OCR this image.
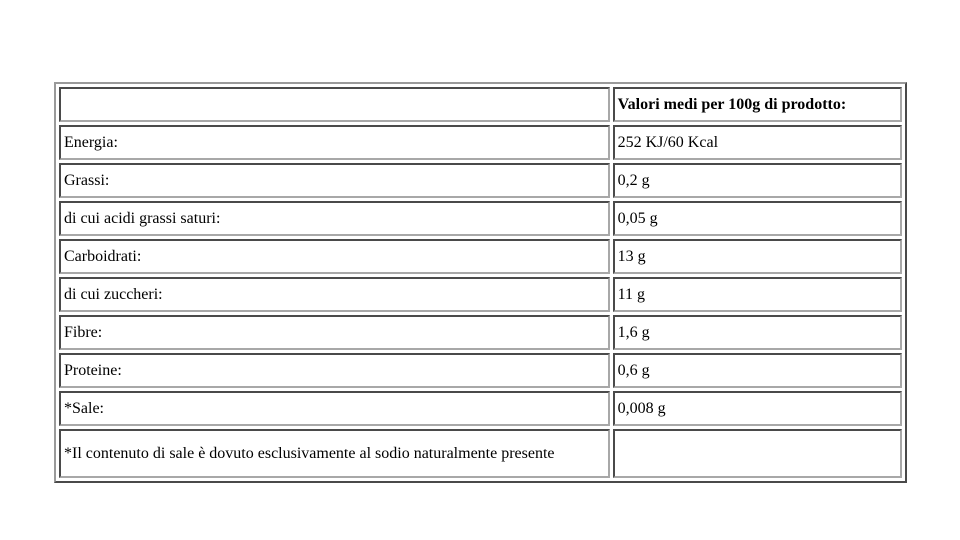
	Valori medi per 100g di prodotto:
Energia:	252 KJ/60 Kcal
Grassi:	0,2 g
di cui acidi grassi saturi:	0,05 g
Carboidrati:	13 g
di cui zuccheri:	11 g
Fibre:	1,6 g
Proteine:	0,6 g
*Sale:	0,008 g
*Il contenuto di sale è dovuto esclusivamente al sodio naturalmente presente	
